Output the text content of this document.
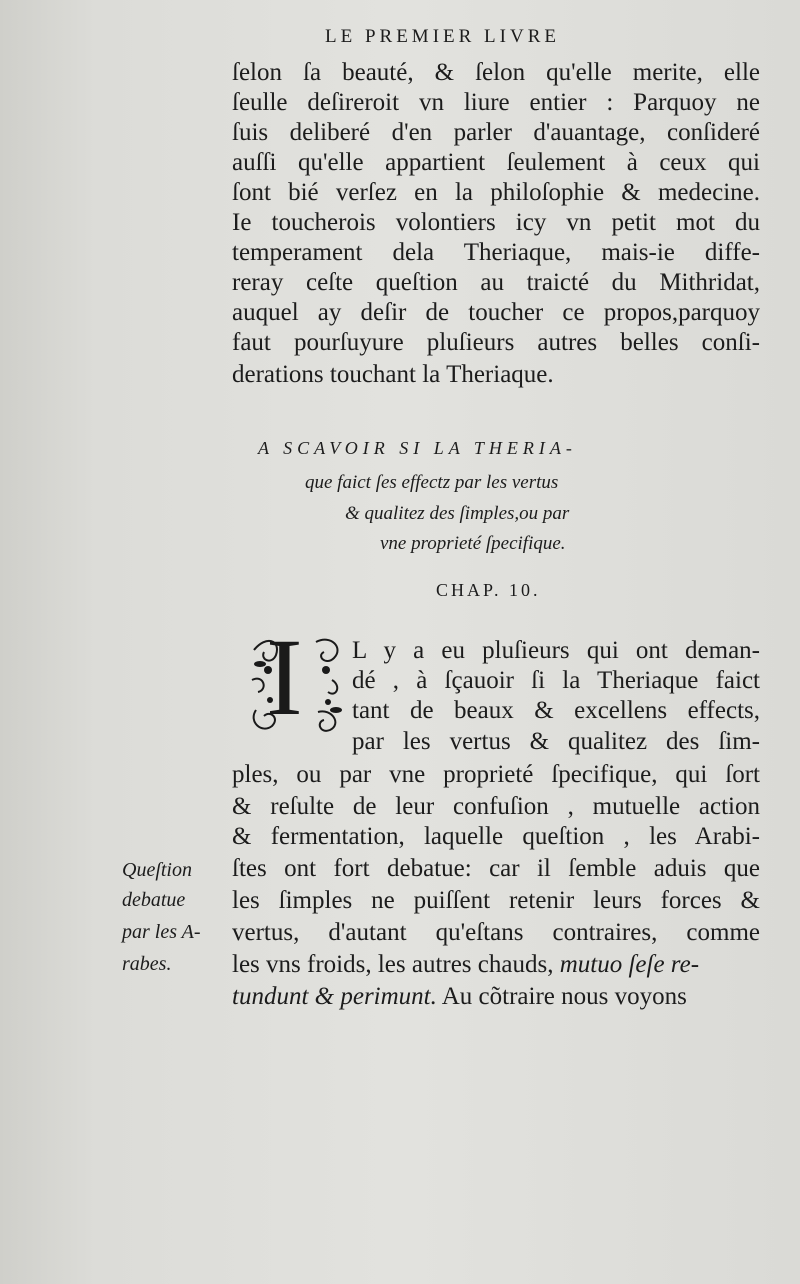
LE PREMIER LIVRE
ſelon ſa beauté, & ſelon qu'elle merite, elle
ſeulle deſireroit vn liure entier : Parquoy ne
ſuis deliberé d'en parler d'auantage, conſideré
auſſi qu'elle appartient ſeulement à ceux qui
ſont bié verſez en la philoſophie & medecine.
Ie toucherois volontiers icy vn petit mot du
temperament dela Theriaque, mais-ie diffe-
reray ceſte queſtion au traicté du Mithridat,
auquel ay deſir de toucher ce propos,parquoy
faut pourſuyure pluſieurs autres belles conſi-
derations touchant la Theriaque.
A SCAVOIR SI LA THERIA-
que faict ſes effectz par les vertus
& qualitez des ſimples,ou par
vne proprieté ſpecifique.
CHAP. 10.
I L y a eu pluſieurs qui ont deman-
dé , à ſçauoir ſi la Theriaque faict
tant de beaux & excellens effects,
par les vertus & qualitez des ſim-
ples, ou par vne proprieté ſpecifique, qui ſort
& reſulte de leur confuſion , mutuelle action
& fermentation, laquelle queſtion , les Arabi-
ſtes ont fort debatue: car il ſemble aduis que
les ſimples ne puiſſent retenir leurs forces &
vertus, d'autant qu'eſtans contraires, comme
les vns froids, les autres chauds, mutuo ſeſe re-
tundunt & perimunt. Au cõtraire nous voyons
Queſtion
debatue
par les A-
rabes.
